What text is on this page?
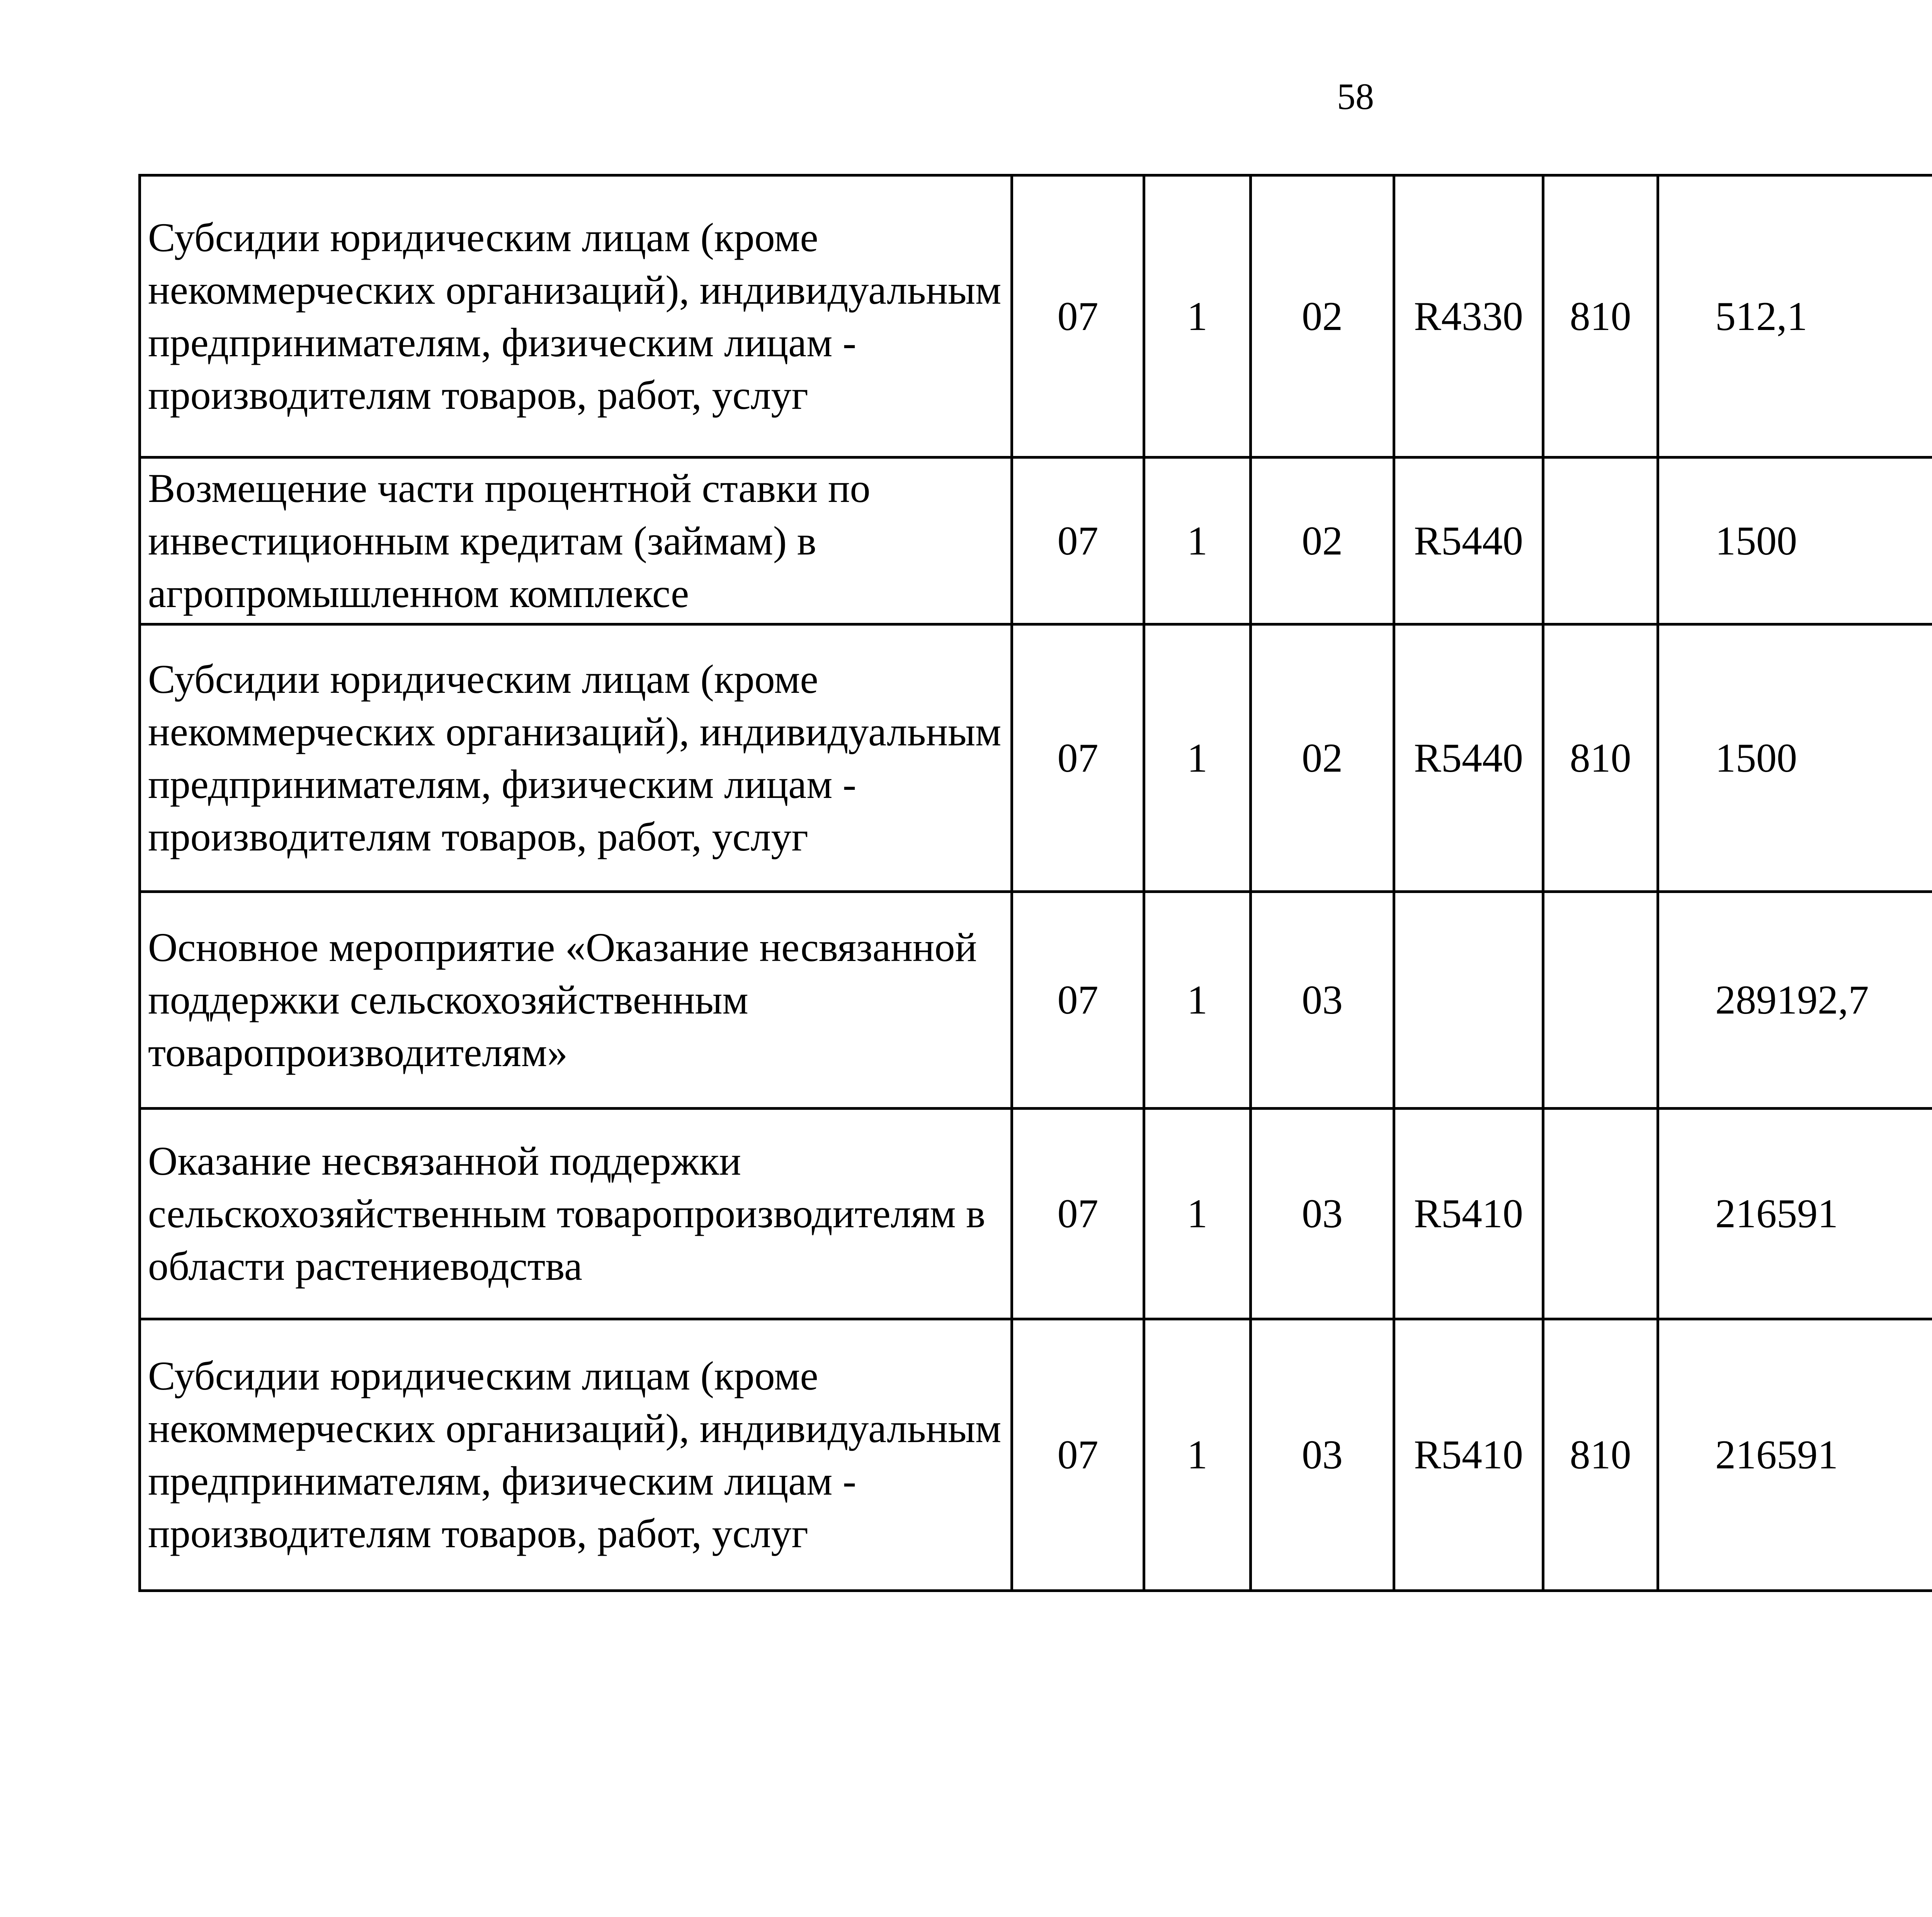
58
Субсидии юридическим лицам (кроме некоммерческих организаций), индивидуальным предпринимателям, физическим лицам - производителям товаров, работ, услуг	07	1	02	R4330	810	512,1		
Возмещение части процентной ставки по инвестиционным кредитам (займам) в агропромышленном комплексе	07	1	02	R5440		1500		
Субсидии юридическим лицам (кроме некоммерческих организаций), индивидуальным предпринимателям, физическим лицам - производителям товаров, работ, услуг	07	1	02	R5440	810	1500		
Основное мероприятие «Оказание несвязанной поддержки сельскохозяйственным товаропроизводителям»	07	1	03			289192,7		
Оказание несвязанной поддержки сельскохозяйственным товаропроизводителям в области растениеводства	07	1	03	R5410		216591		
Субсидии юридическим лицам (кроме некоммерческих организаций), индивидуальным предпринимателям, физическим лицам - производителям товаров, работ, услуг	07	1	03	R5410	810	216591		
